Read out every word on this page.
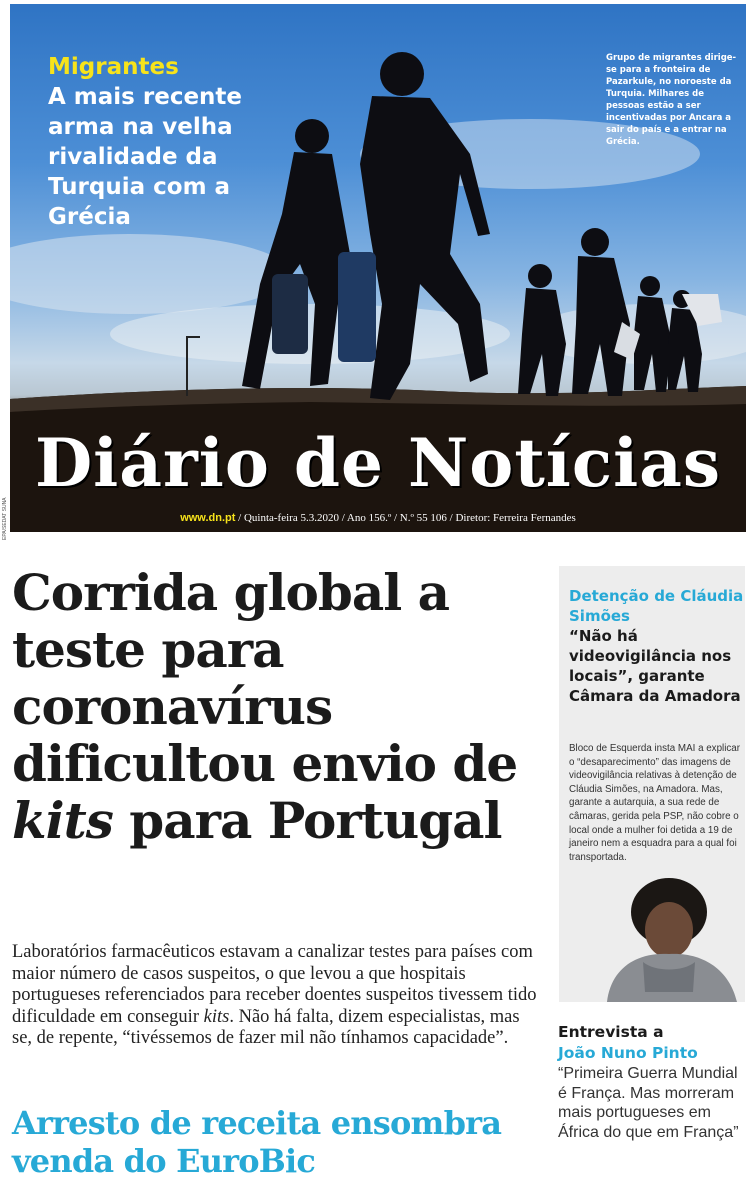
Migrantes
A mais recente arma na velha rivalidade da Turquia com a Grécia
Grupo de migrantes dirige-se para a fronteira de Pazarkule, no noroeste da Turquia. Milhares de pessoas estão a ser incentivadas por Ancara a sair do país e a entrar na Grécia.
Diário de Notícias
www.dn.pt / Quinta-feira 5.3.2020 / Ano 156.º / N.º 55 106 / Diretor: Ferreira Fernandes
EPA/SEDAT SUNA
Corrida global a teste para coronavírus dificultou envio de kits para Portugal
Laboratórios farmacêuticos estavam a canalizar testes para países com maior número de casos suspeitos, o que levou a que hospitais portugueses referenciados para receber doentes suspeitos tivessem tido dificuldade em conseguir kits. Não há falta, dizem especialistas, mas se, de repente, “tivéssemos de fazer mil não tínhamos capacidade”.
Arresto de receita ensombra venda do EuroBic
Detenção de Cláudia Simões
“Não há videovigilância nos locais”, garante Câmara da Amadora
Bloco de Esquerda insta MAI a explicar o “desaparecimento” das imagens de videovigilância relativas à detenção de Cláudia Simões, na Amadora. Mas, garante a autarquia, a sua rede de câmaras, gerida pela PSP, não cobre o local onde a mulher foi detida a 19 de janeiro nem a esquadra para a qual foi transportada.
Entrevista a
João Nuno Pinto
“Primeira Guerra Mundial é França. Mas morreram mais portugueses em África do que em França”
